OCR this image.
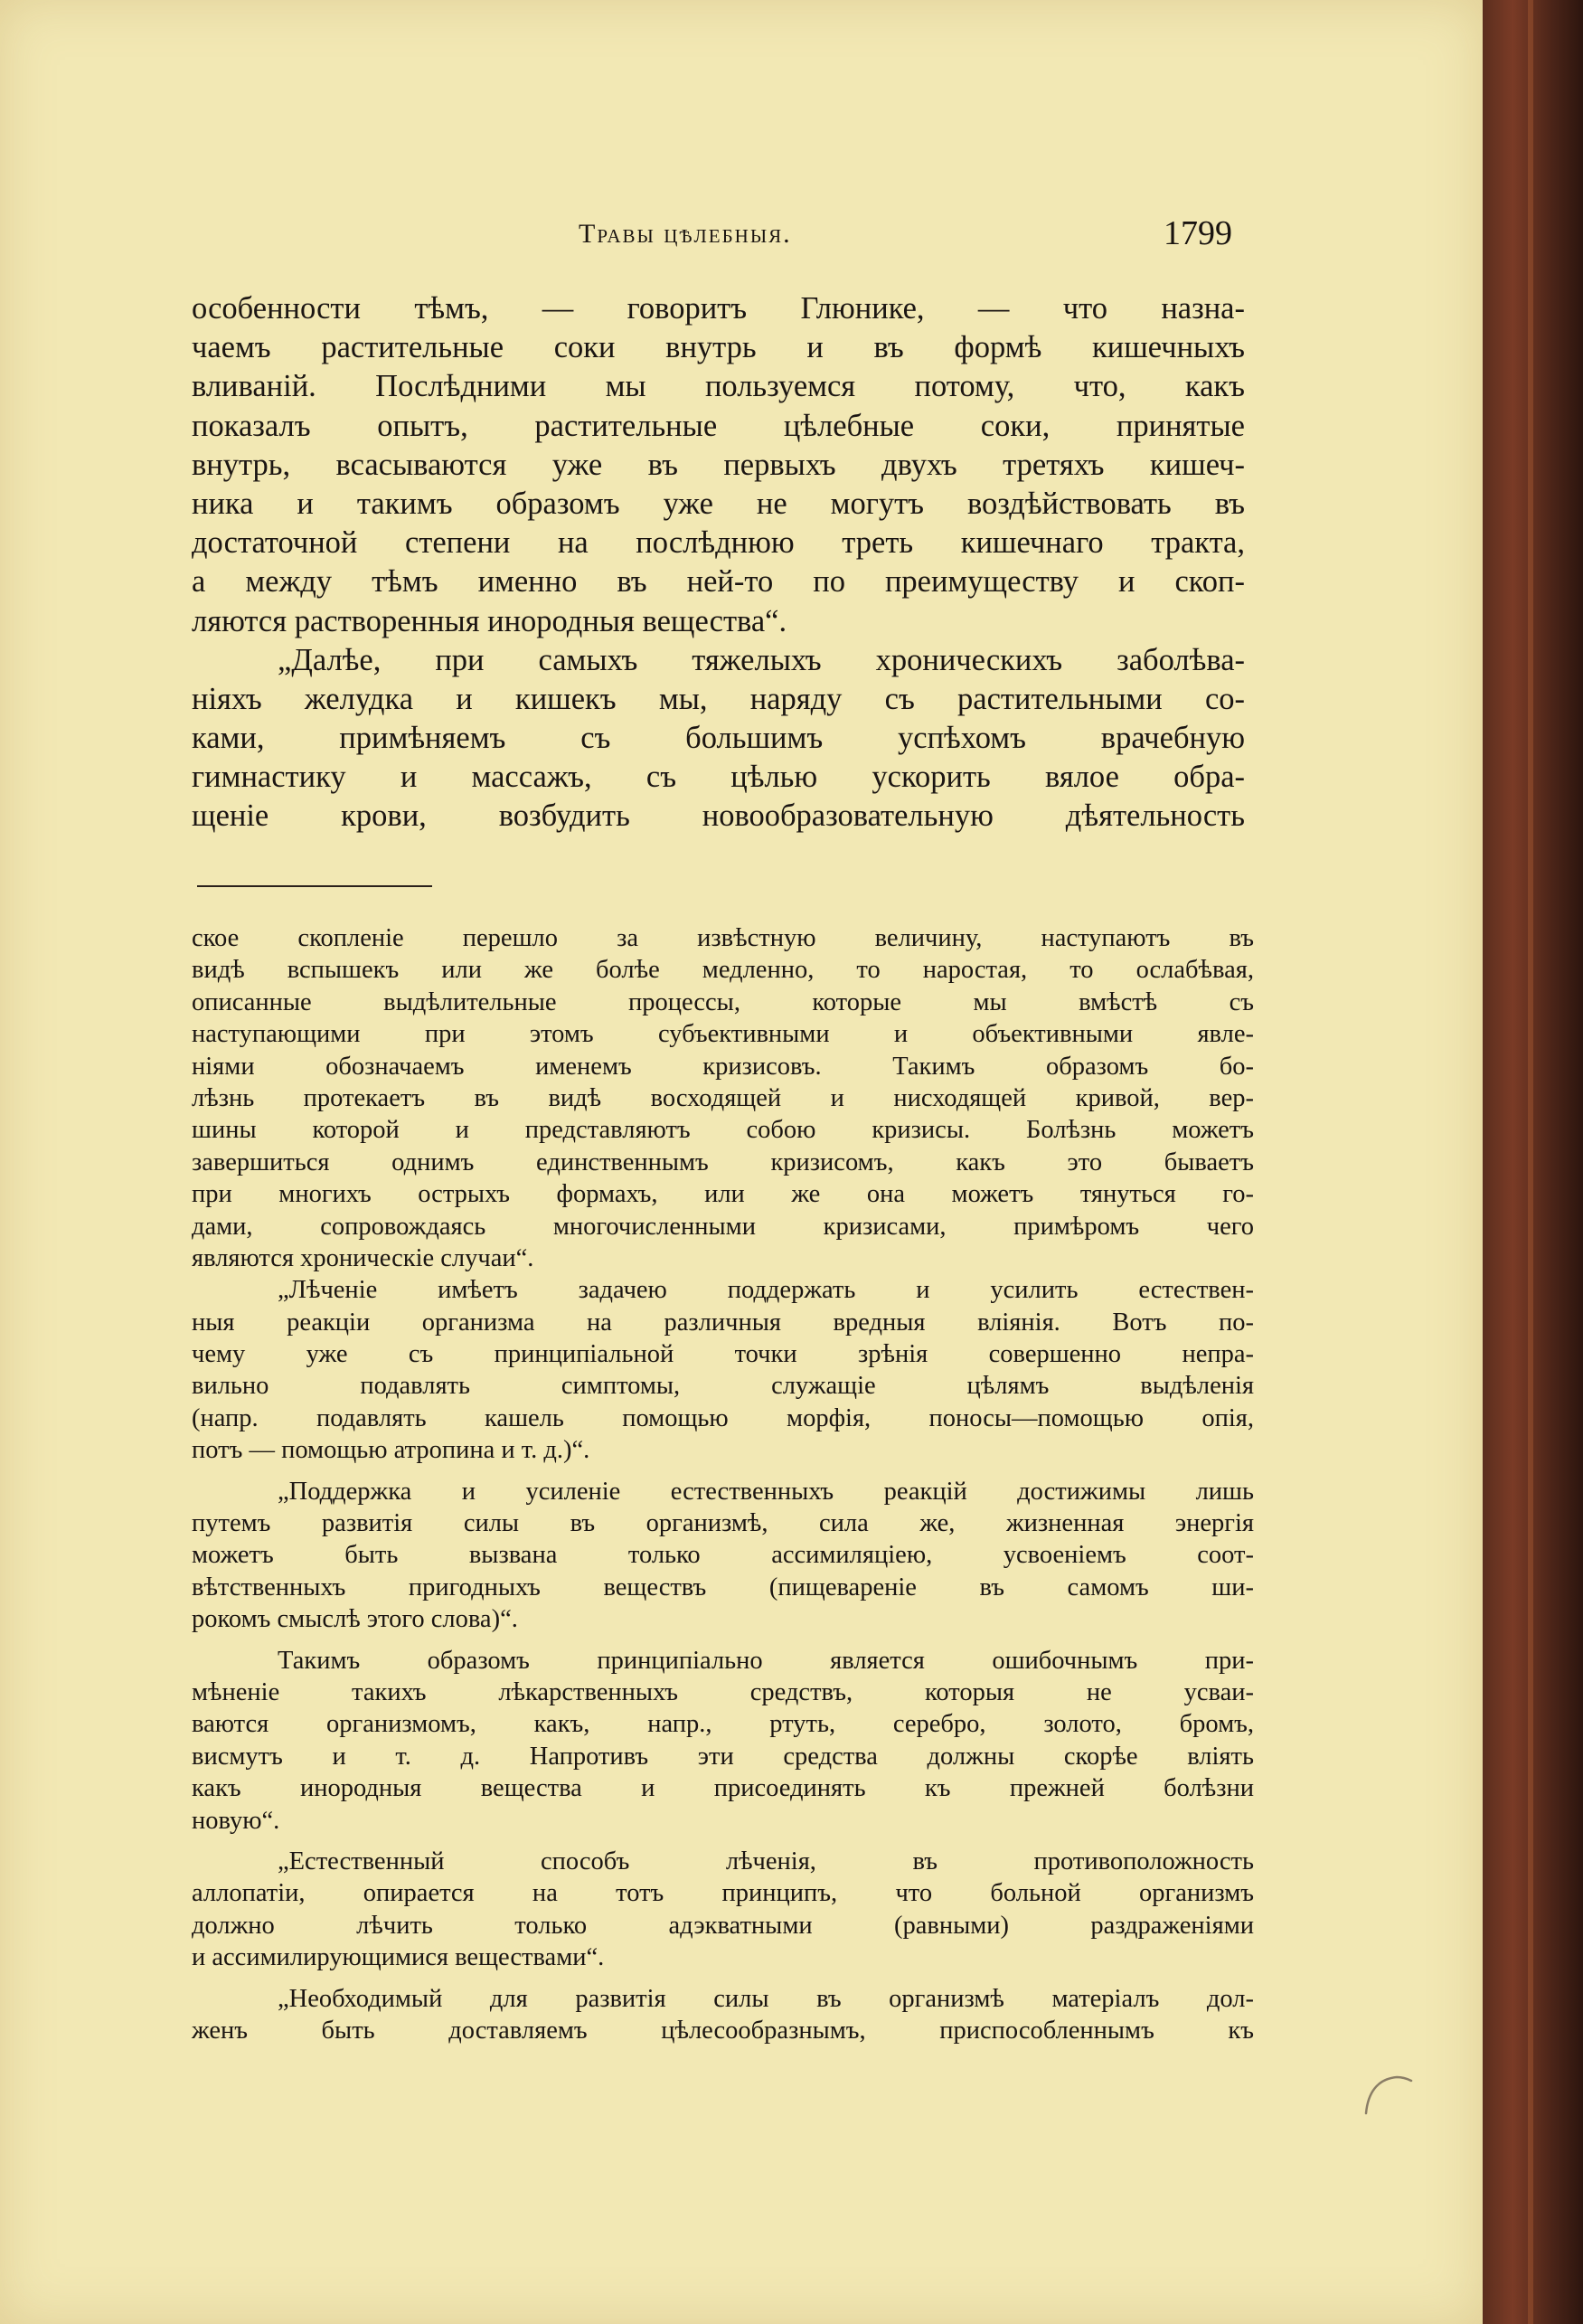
Травы цѣлебныя.	1799
особенности тѣмъ, — говоритъ Глюнике, — что назна-
чаемъ растительные соки внутрь и въ формѣ кишечныхъ
вливаній. Послѣдними мы пользуемся потому, что, какъ
показалъ опытъ, растительные цѣлебные соки, принятые
внутрь, всасываются уже въ первыхъ двухъ третяхъ кишеч-
ника и такимъ образомъ уже не могутъ воздѣйствовать въ
достаточной степени на послѣднюю треть кишечнаго тракта,
а между тѣмъ именно въ ней-то по преимуществу и скоп-
ляются растворенныя инородныя вещества“.
„Далѣе, при самыхъ тяжелыхъ хроническихъ заболѣва-
ніяхъ желудка и кишекъ мы, наряду съ растительными со-
ками, примѣняемъ съ большимъ успѣхомъ врачебную
гимнастику и массажъ, съ цѣлью ускорить вялое обра-
щеніе крови, возбудить новообразовательную дѣятельность
ское скопленіе перешло за извѣстную величину, наступаютъ въ
видѣ вспышекъ или же болѣе медленно, то наростая, то ослабѣвая,
описанные выдѣлительные процессы, которые мы вмѣстѣ съ
наступающими при этомъ субъективными и объективными явле-
ніями обозначаемъ именемъ кризисовъ. Такимъ образомъ бо-
лѣзнь протекаетъ въ видѣ восходящей и нисходящей кривой, вер-
шины которой и представляютъ собою кризисы. Болѣзнь можетъ
завершиться однимъ единственнымъ кризисомъ, какъ это бываетъ
при многихъ острыхъ формахъ, или же она можетъ тянуться го-
дами, сопровождаясь многочисленными кризисами, примѣромъ чего
являются хроническіе случаи“.
„Лѣченіе имѣетъ задачею поддержать и усилить естествен-
ныя реакціи организма на различныя вредныя вліянія. Вотъ по-
чему уже съ принципіальной точки зрѣнія совершенно непра-
вильно подавлять симптомы, служащіе цѣлямъ выдѣленія
(напр. подавлять кашель помощью морфія, поносы—помощью опія,
потъ — помощью атропина и т. д.)“.
„Поддержка и усиленіе естественныхъ реакцій достижимы лишь
путемъ развитія силы въ организмѣ, сила же, жизненная энергія
можетъ быть вызвана только ассимиляціею, усвоеніемъ соот-
вѣтственныхъ пригодныхъ веществъ (пищевареніе въ самомъ ши-
рокомъ смыслѣ этого слова)“.
Такимъ образомъ принципіально является ошибочнымъ при-
мѣненіе такихъ лѣкарственныхъ средствъ, которыя не усваи-
ваются организмомъ, какъ, напр., ртуть, серебро, золото, бромъ,
висмутъ и т. д. Напротивъ эти средства должны скорѣе вліять
какъ инородныя вещества и присоединять къ прежней болѣзни
новую“.
„Естественный способъ лѣченія, въ противоположность
аллопатіи, опирается на тотъ принципъ, что больной организмъ
должно лѣчить только адэкватными (равными) раздраженіями
и ассимилирующимися веществами“.
„Необходимый для развитія силы въ организмѣ матеріалъ дол-
женъ быть доставляемъ цѣлесообразнымъ, приспособленнымъ къ
